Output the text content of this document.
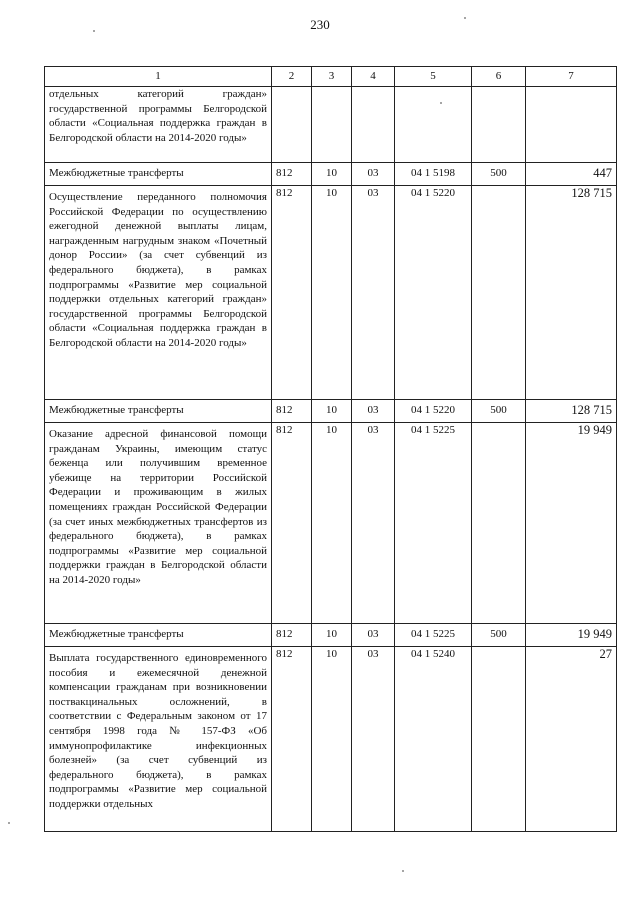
230
1	2	3	4	5	6	7
отдельных категорий граждан» государственной программы Белгородской области «Социальная поддержка граждан в Белгородской области на 2014-2020 годы»						
Межбюджетные трансферты	812	10	03	04 1 5198	500	447
Осуществление переданного полномочия Российской Федерации по осуществлению ежегодной денежной выплаты лицам, награжденным нагрудным знаком «Почетный донор России» (за счет субвенций из федерального бюджета), в рамках подпрограммы «Развитие мер социальной поддержки отдельных категорий граждан» государственной программы Белгородской области «Социальная поддержка граждан в Белгородской области на 2014-2020 годы»	812	10	03	04 1 5220		128 715
Межбюджетные трансферты	812	10	03	04 1 5220	500	128 715
Оказание адресной финансовой помощи гражданам Украины, имеющим статус беженца или получившим временное убежище на территории Российской Федерации и проживающим в жилых помещениях граждан Российской Федерации (за счет иных межбюджетных трансфертов из федерального бюджета), в рамках подпрограммы «Развитие мер социальной поддержки граждан в Белгородской области на 2014-2020 годы»	812	10	03	04 1 5225		19 949
Межбюджетные трансферты	812	10	03	04 1 5225	500	19 949
Выплата государственного единовременного пособия и ежемесячной денежной компенсации гражданам при возникновении поствакцинальных осложнений, в соответствии с Федеральным законом от 17 сентября 1998 года № 157-ФЗ «Об иммунопрофилактике инфекционных болезней» (за счет субвенций из федерального бюджета), в рамках подпрограммы «Развитие мер социальной поддержки отдельных	812	10	03	04 1 5240		27
